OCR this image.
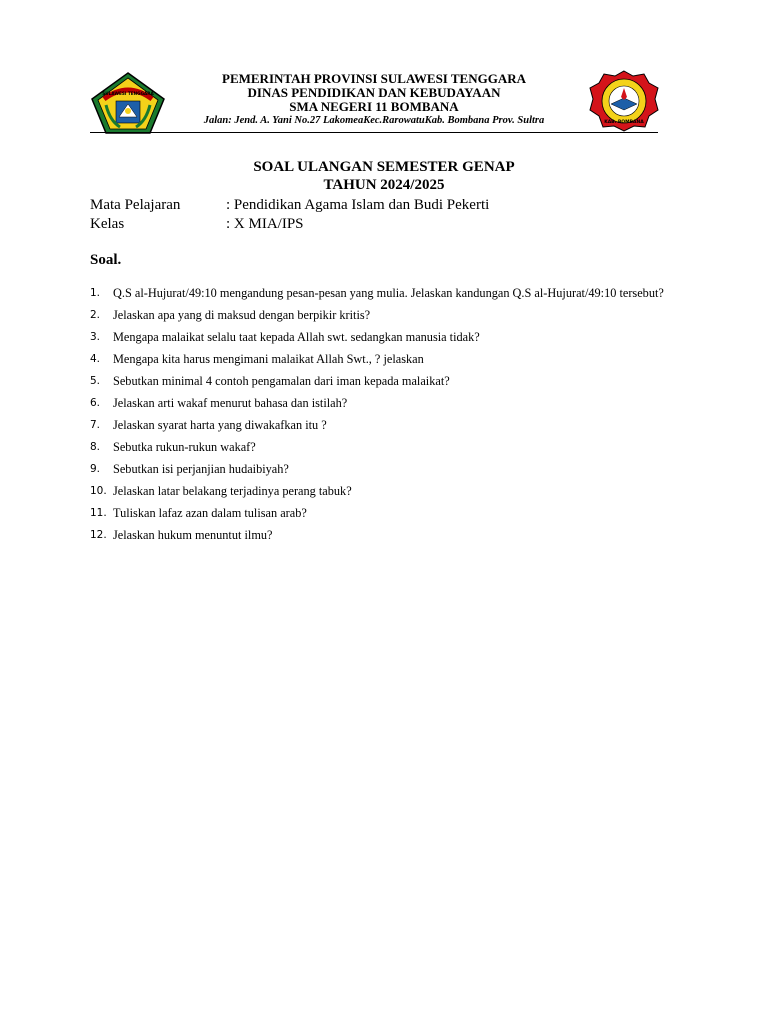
SULAWESI TENGGARA
PEMERINTAH PROVINSI SULAWESI TENGGARA
DINAS PENDIDIKAN DAN KEBUDAYAAN
SMA NEGERI 11 BOMBANA
Jalan: Jend. A. Yani No.27 LakomeaKec.RarowatuKab. Bombana Prov. Sultra	KAB. BOMBANA
SOAL ULANGAN SEMESTER GENAP
TAHUN 2024/2025
Mata Pelajaran	: Pendidikan Agama Islam dan Budi Pekerti
Kelas	: X MIA/IPS
Soal.
1.	Q.S al-Hujurat/49:10 mengandung pesan-pesan yang mulia. Jelaskan kandungan Q.S al-Hujurat/49:10 tersebut?
2.	Jelaskan apa yang di maksud dengan berpikir kritis?
3.	Mengapa malaikat selalu taat kepada Allah swt. sedangkan manusia tidak?
4.	Mengapa kita harus mengimani malaikat Allah Swt., ? jelaskan
5.	Sebutkan minimal 4 contoh pengamalan dari iman kepada malaikat?
6.	Jelaskan arti wakaf menurut bahasa dan istilah?
7.	Jelaskan syarat harta yang diwakafkan itu ?
8.	Sebutka rukun-rukun wakaf?
9.	Sebutkan isi perjanjian hudaibiyah?
10. Jelaskan latar belakang terjadinya perang tabuk?
11. Tuliskan lafaz azan dalam tulisan arab?
12. Jelaskan hukum menuntut ilmu?
